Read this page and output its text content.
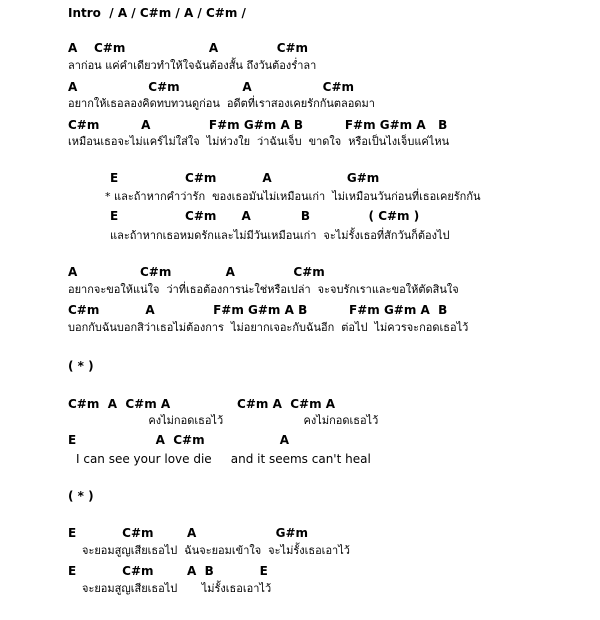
Intro  / A / C#m / A / C#m /
A    C#m                    A              C#m
ลาก่อน แค่คำเดียวทำให้ใจฉันต้องสั้น ถึงวันต้องร่ำลา
A                 C#m               A                 C#m
อยากให้เธอลองคิดทบทวนดูก่อน  อดีตที่เราสองเคยรักกันตลอดมา
C#m          A              F#m G#m A B          F#m G#m A   B
เหมือนเธอจะไม่แคร์ไม่ใส่ใจ  ไม่ห่วงใย  ว่าฉันเจ็บ  ขาดใจ  หรือเป็นไงเจ็บแค่ไหน
E                C#m           A                  G#m
* และถ้าหากคำว่ารัก  ของเธอมันไม่เหมือนเก่า  ไม่เหมือนวันก่อนที่เธอเคยรักกัน
E                C#m      A            B              ( C#m )
และถ้าหากเธอหมดรักและไม่มีวันเหมือนเก่า  จะไม่รั้งเธอที่สักวันก็ต้องไป
A               C#m             A              C#m
อยากจะขอให้แน่ใจ  ว่าที่เธอต้องการน่ะใช่หรือเปล่า  จะจบรักเราและขอให้ตัดสินใจ
C#m           A              F#m G#m A B          F#m G#m A  B
บอกกับฉันบอกสิว่าเธอไม่ต้องการ  ไม่อยากเจอะกับฉันอีก  ต่อไป  ไม่ควรจะกอดเธอไว้
( * )
C#m  A  C#m A                C#m A  C#m A
คงไม่กอดเธอไว้                       คงไม่กอดเธอไว้
E                   A  C#m                  A
I can see your love die     and it seems can't heal
( * )
E           C#m        A                   G#m
จะยอมสูญเสียเธอไป  ฉันจะยอมเข้าใจ  จะไม่รั้งเธอเอาไว้
E           C#m        A  B           E
จะยอมสูญเสียเธอไป       ไม่รั้งเธอเอาไว้
